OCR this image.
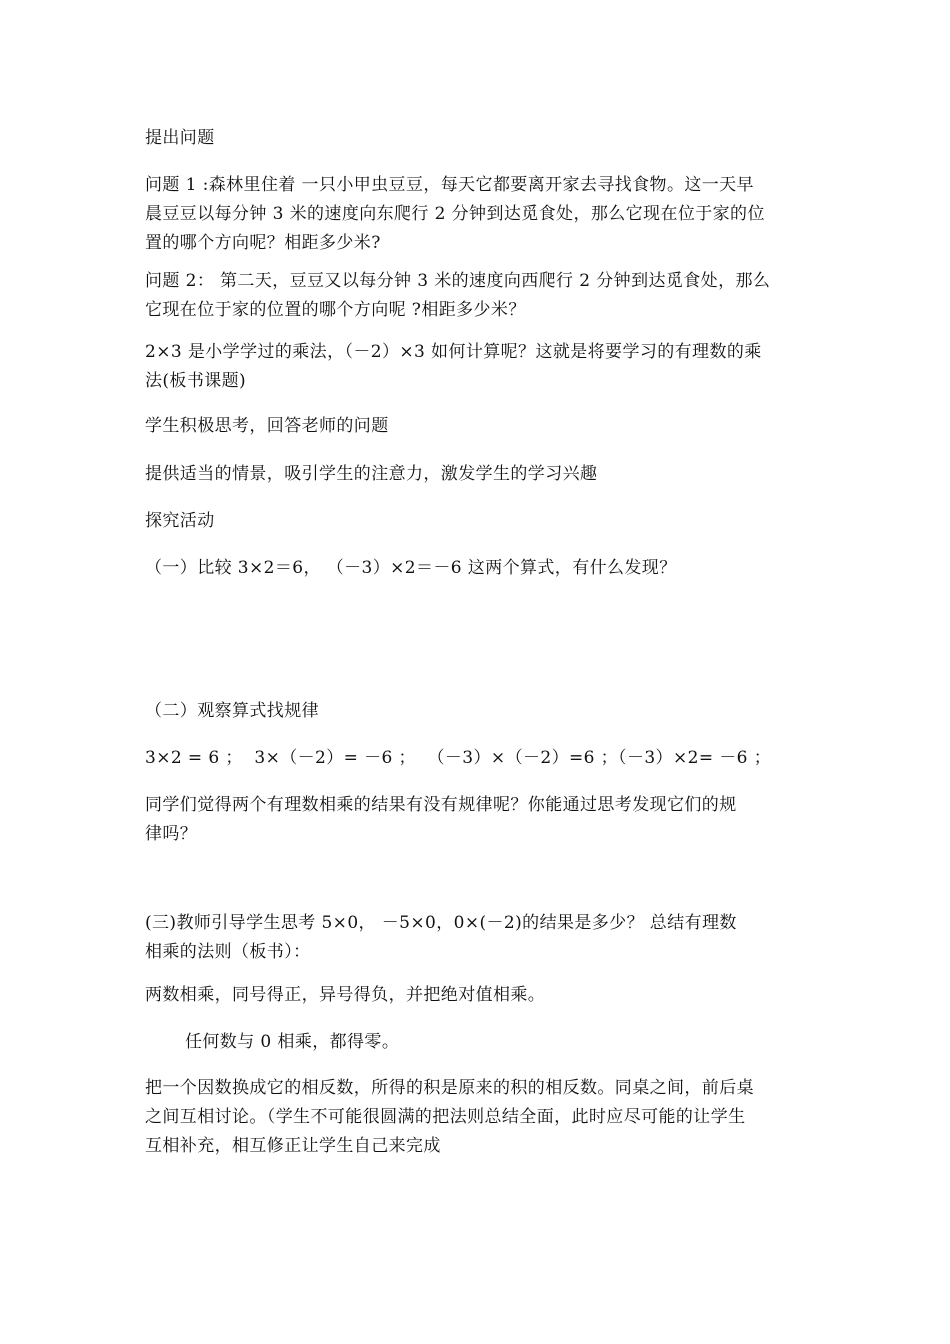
提出问题
问题 1 :森林里住着 一只小甲虫豆豆，每天它都要离开家去寻找食物。这一天早
晨豆豆以每分钟 3 米的速度向东爬行 2 分钟到达觅食处，那么它现在位于家的位
置的哪个方向呢？相距多少米?
问题 2： 第二天，豆豆又以每分钟 3 米的速度向西爬行 2 分钟到达觅食处，那么
它现在位于家的位置的哪个方向呢 ?相距多少米？
2×3 是小学学过的乘法，（－2）×3 如何计算呢？这就是将要学习的有理数的乘
法(板书课题)
学生积极思考，回答老师的问题
提供适当的情景，吸引学生的注意力，激发学生的学习兴趣
探究活动
（一）比较 3×2＝6， （－3）×2＝－6 这两个算式，有什么发现？
（二）观察算式找规律
3×2 = 6 ；  3×（－2）= －6 ；  （－3）×（－2）=6 ；（－3）×2= －6 ；
同学们觉得两个有理数相乘的结果有没有规律呢？你能通过思考发现它们的规
律吗？
(三)教师引导学生思考 5×0， －5×0，0×(－2)的结果是多少？ 总结有理数
相乘的法则（板书）：
两数相乘，同号得正，异号得负，并把绝对值相乘。
任何数与 0 相乘，都得零。
把一个因数换成它的相反数，所得的积是原来的积的相反数。同桌之间，前后桌
之间互相讨论。（学生不可能很圆满的把法则总结全面，此时应尽可能的让学生
互相补充，相互修正让学生自己来完成
